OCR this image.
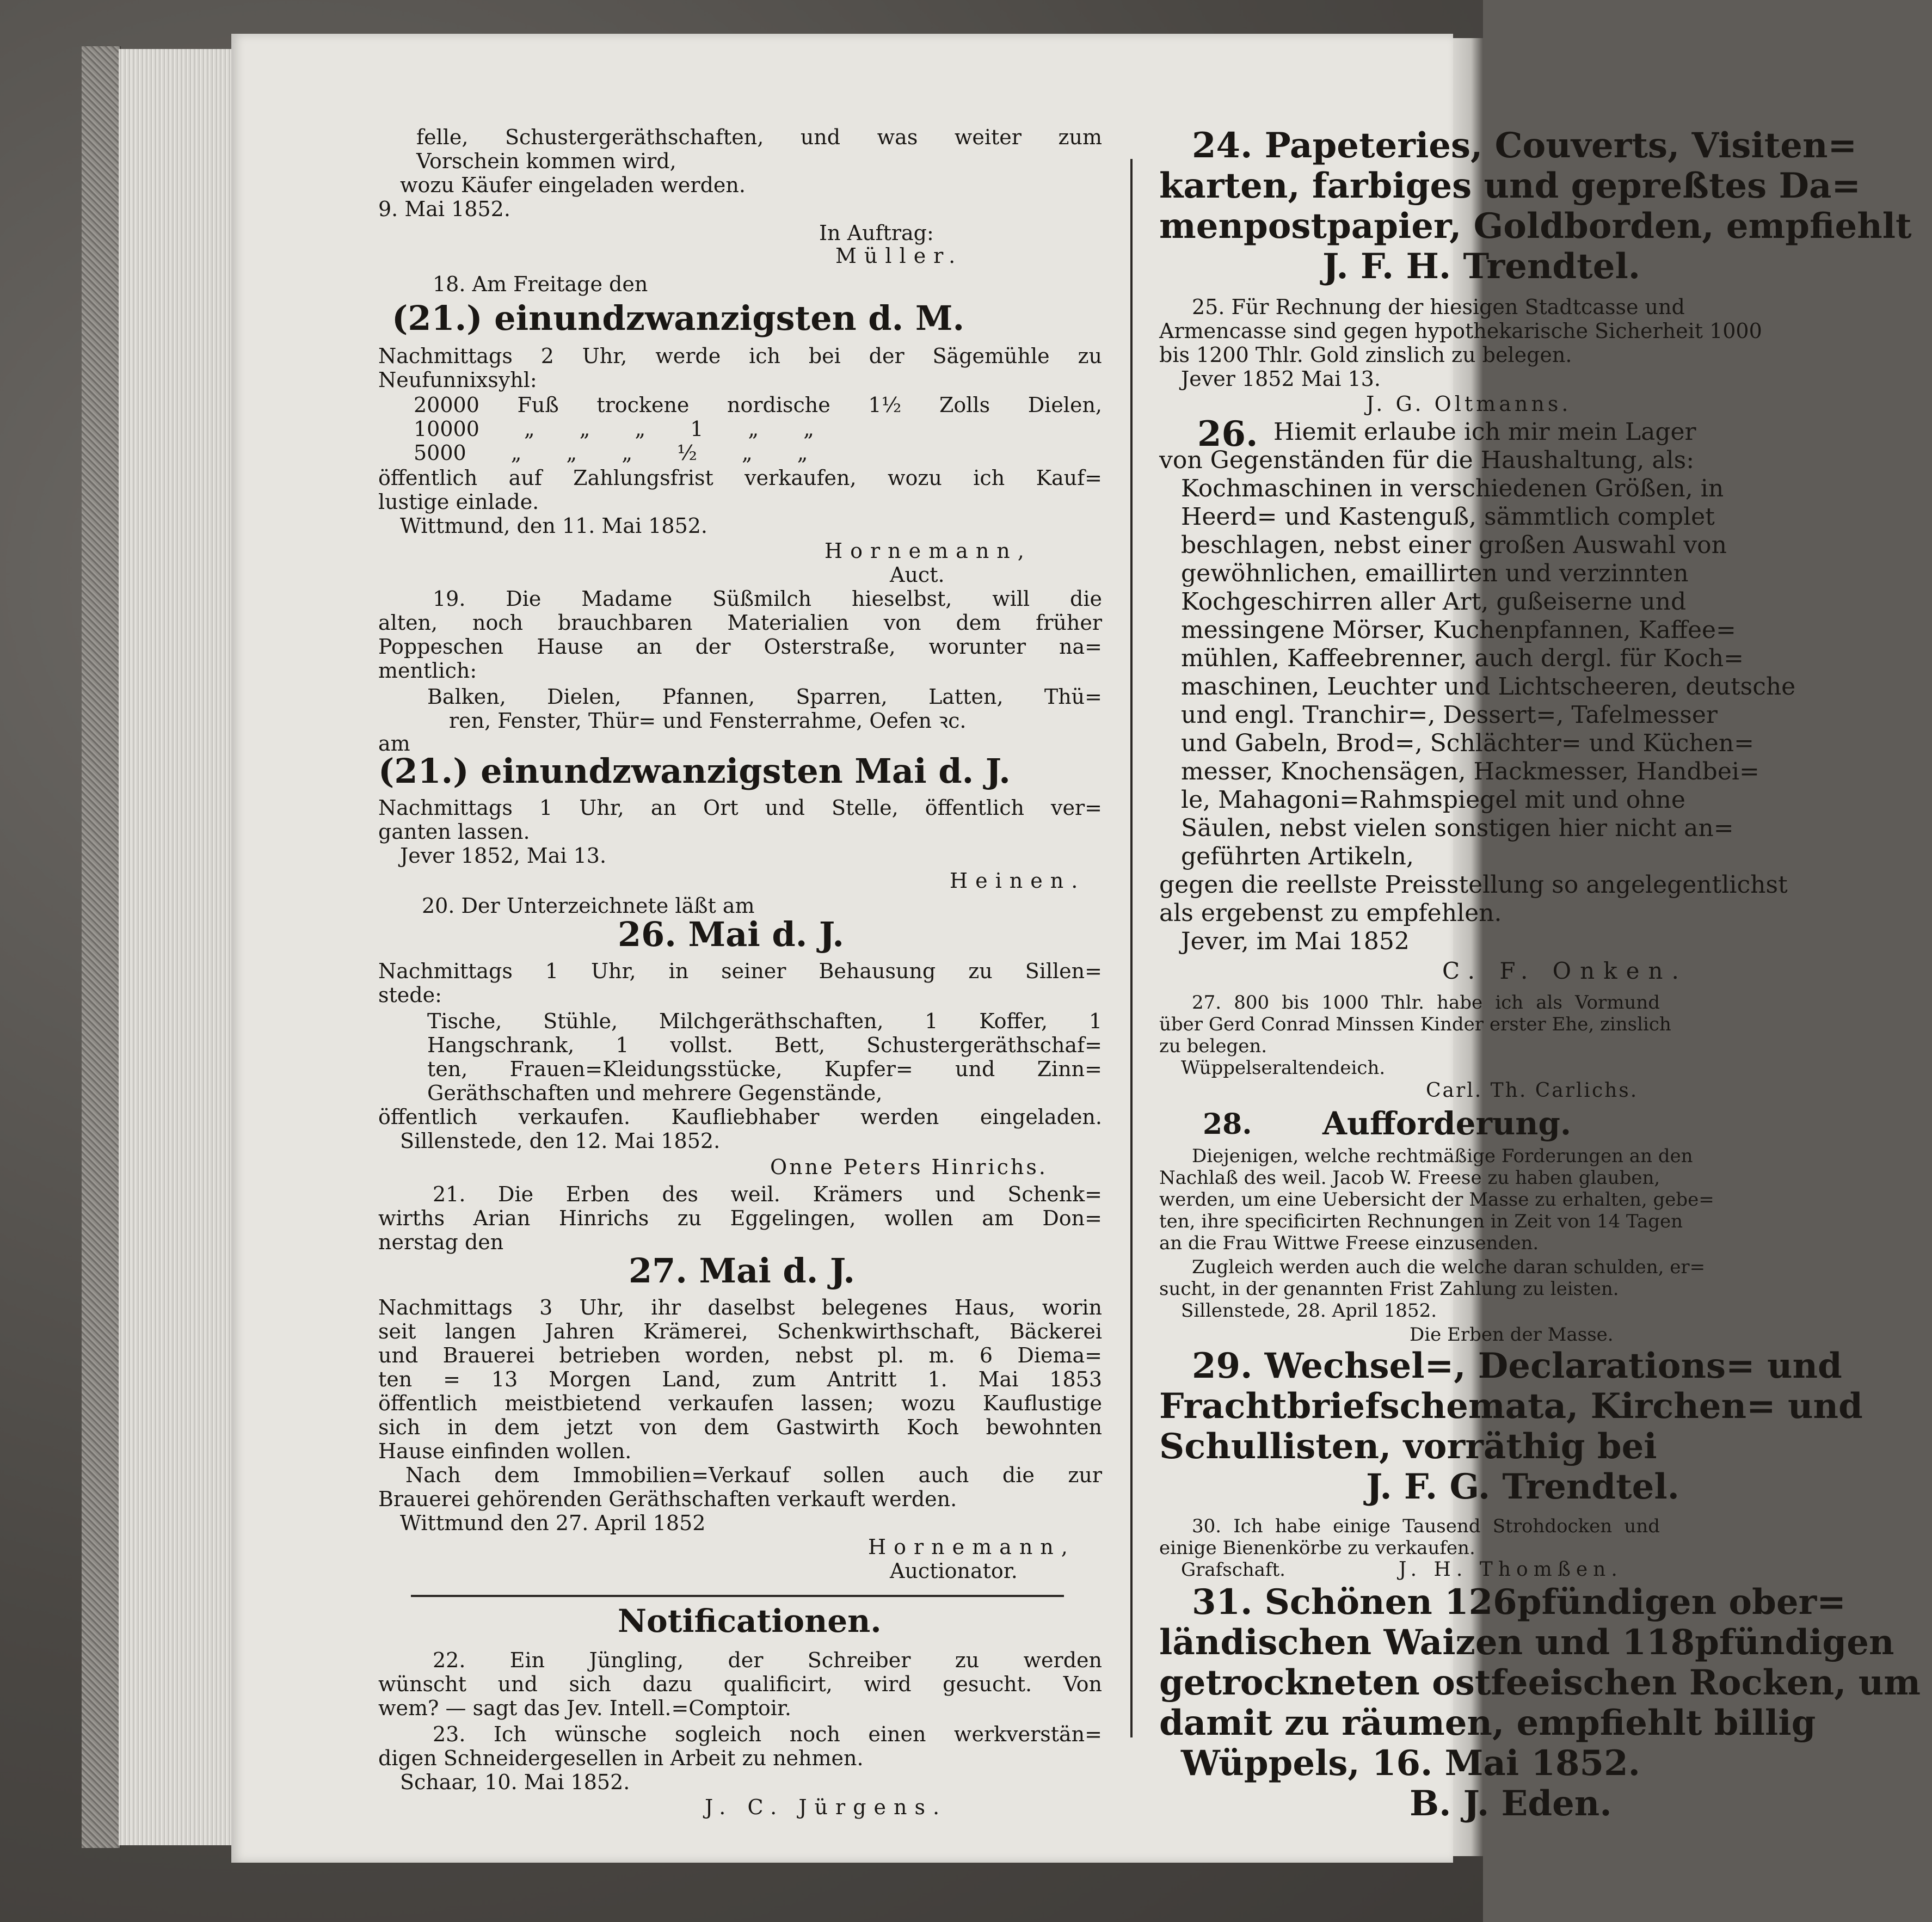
felle, Schustergeräthschaften, und was weiter zum
Vorschein kommen wird,
wozu Käufer eingeladen werden.
9. Mai 1852.
In Auftrag:
Müller.
18. Am Freitage den
(21.) einundzwanzigsten d. M.
Nachmittags 2 Uhr, werde ich bei der Sägemühle zu
Neufunnixsyhl:
20000 Fuß trockene nordische 1½ Zolls Dielen,
10000 „ „ „ 1 „ „
5000 „ „ „ ½ „ „
öffentlich auf Zahlungsfrist verkaufen, wozu ich Kauf=
lustige einlade.
Wittmund, den 11. Mai 1852.
Hornemann,
Auct.
19. Die Madame Süßmilch hieselbst, will die
alten, noch brauchbaren Materialien von dem früher
Poppeschen Hause an der Osterstraße, worunter na=
mentlich:
Balken, Dielen, Pfannen, Sparren, Latten, Thü=
ren, Fenster, Thür= und Fensterrahme, Oefen ꝛc.
am
(21.) einundzwanzigsten Mai d. J.
Nachmittags 1 Uhr, an Ort und Stelle, öffentlich ver=
ganten lassen.
Jever 1852, Mai 13.
Heinen.
20. Der Unterzeichnete läßt am
26. Mai d. J.
Nachmittags 1 Uhr, in seiner Behausung zu Sillen=
stede:
Tische, Stühle, Milchgeräthschaften, 1 Koffer, 1
Hangschrank, 1 vollst. Bett, Schustergeräthschaf=
ten, Frauen=Kleidungsstücke, Kupfer= und Zinn=
Geräthschaften und mehrere Gegenstände,
öffentlich verkaufen. Kaufliebhaber werden eingeladen.
Sillenstede, den 12. Mai 1852.
Onne Peters Hinrichs.
21. Die Erben des weil. Krämers und Schenk=
wirths Arian Hinrichs zu Eggelingen, wollen am Don=
nerstag den
27. Mai d. J.
Nachmittags 3 Uhr, ihr daselbst belegenes Haus, worin
seit langen Jahren Krämerei, Schenkwirthschaft, Bäckerei
und Brauerei betrieben worden, nebst pl. m. 6 Diema=
ten = 13 Morgen Land, zum Antritt 1. Mai 1853
öffentlich meistbietend verkaufen lassen; wozu Kauflustige
sich in dem jetzt von dem Gastwirth Koch bewohnten
Hause einfinden wollen.
Nach dem Immobilien=Verkauf sollen auch die zur
Brauerei gehörenden Geräthschaften verkauft werden.
Wittmund den 27. April 1852
Hornemann,
Auctionator.
Notificationen.
22. Ein Jüngling, der Schreiber zu werden
wünscht und sich dazu qualificirt, wird gesucht. Von
wem? — sagt das Jev. Intell.=Comptoir.
23. Ich wünsche sogleich noch einen werkverstän=
digen Schneidergesellen in Arbeit zu nehmen.
Schaar, 10. Mai 1852.
J. C. Jürgens.
24. Papeteries, Couverts, Visiten=
karten, farbiges und gepreßtes Da=
menpostpapier, Goldborden, empfiehlt
J. F. H. Trendtel.
25. Für Rechnung der hiesigen Stadtcasse und
Armencasse sind gegen hypothekarische Sicherheit 1000
bis 1200 Thlr. Gold zinslich zu belegen.
Jever 1852 Mai 13.
J. G. Oltmanns.
26. Hiemit erlaube ich mir mein Lager
von Gegenständen für die Haushaltung, als:
Kochmaschinen in verschiedenen Größen, in
Heerd= und Kastenguß, sämmtlich complet
beschlagen, nebst einer großen Auswahl von
gewöhnlichen, emaillirten und verzinnten
Kochgeschirren aller Art, gußeiserne und
messingene Mörser, Kuchenpfannen, Kaffee=
mühlen, Kaffeebrenner, auch dergl. für Koch=
maschinen, Leuchter und Lichtscheeren, deutsche
und engl. Tranchir=, Dessert=, Tafelmesser
und Gabeln, Brod=, Schlächter= und Küchen=
messer, Knochensägen, Hackmesser, Handbei=
le, Mahagoni=Rahmspiegel mit und ohne
Säulen, nebst vielen sonstigen hier nicht an=
geführten Artikeln,
gegen die reellste Preisstellung so angelegentlichst
als ergebenst zu empfehlen.
Jever, im Mai 1852
C. F. Onken.
27. 800 bis 1000 Thlr. habe ich als Vormund
über Gerd Conrad Minssen Kinder erster Ehe, zinslich
zu belegen.
Wüppelseraltendeich.
Carl. Th. Carlichs.
28. Aufforderung.
Diejenigen, welche rechtmäßige Forderungen an den
Nachlaß des weil. Jacob W. Freese zu haben glauben,
werden, um eine Uebersicht der Masse zu erhalten, gebe=
ten, ihre specificirten Rechnungen in Zeit von 14 Tagen
an die Frau Wittwe Freese einzusenden.
Zugleich werden auch die welche daran schulden, er=
sucht, in der genannten Frist Zahlung zu leisten.
Sillenstede, 28. April 1852.
Die Erben der Masse.
29. Wechsel=, Declarations= und
Frachtbriefschemata, Kirchen= und
Schullisten, vorräthig bei
J. F. G. Trendtel.
30. Ich habe einige Tausend Strohdocken und
einige Bienenkörbe zu verkaufen.
Grafschaft.	J. H. Thomßen.
31. Schönen 126pfündigen ober=
ländischen Waizen und 118pfündigen
getrockneten ostfeeischen Rocken, um
damit zu räumen, empfiehlt billig
Wüppels, 16. Mai 1852.
B. J. Eden.
